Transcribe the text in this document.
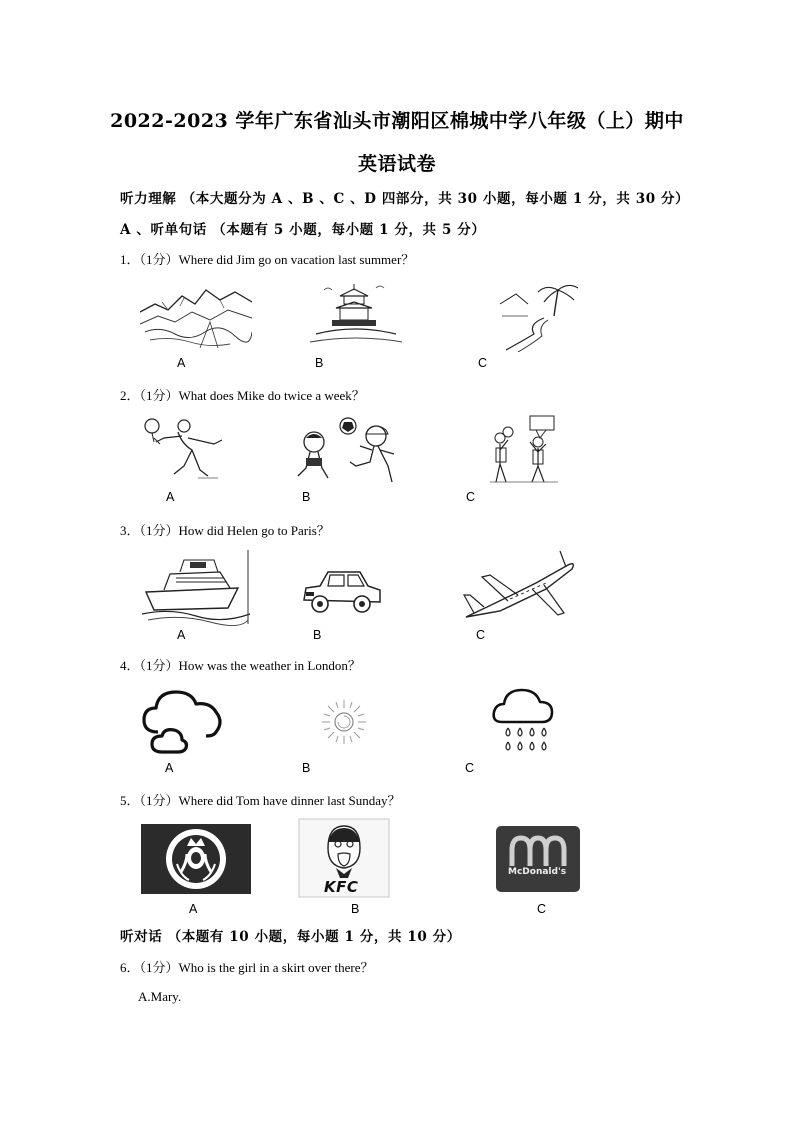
2022-2023 学年广东省汕头市潮阳区棉城中学八年级（上）期中
英语试卷
听力理解 （本大题分为 A 、B 、C 、D 四部分，共 30 小题，每小题 1 分，共 30 分）
A 、听单句话 （本题有 5 小题，每小题 1 分，共 5 分）
1．（1分）Where did Jim go on vacation last summer？
A	B	C
2．（1分）What does Mike do twice a week？
A	B	C
3．（1分）How did Helen go to Paris？
A	B	C
4．（1分）How was the weather in London？
A	B	C
5．（1分）Where did Tom have dinner last Sunday？
A
KFC
B
McDonald's
C
听对话 （本题有 10 小题，每小题 1 分，共 10 分）
6．（1分）Who is the girl in a skirt over there？
A.Mary.
